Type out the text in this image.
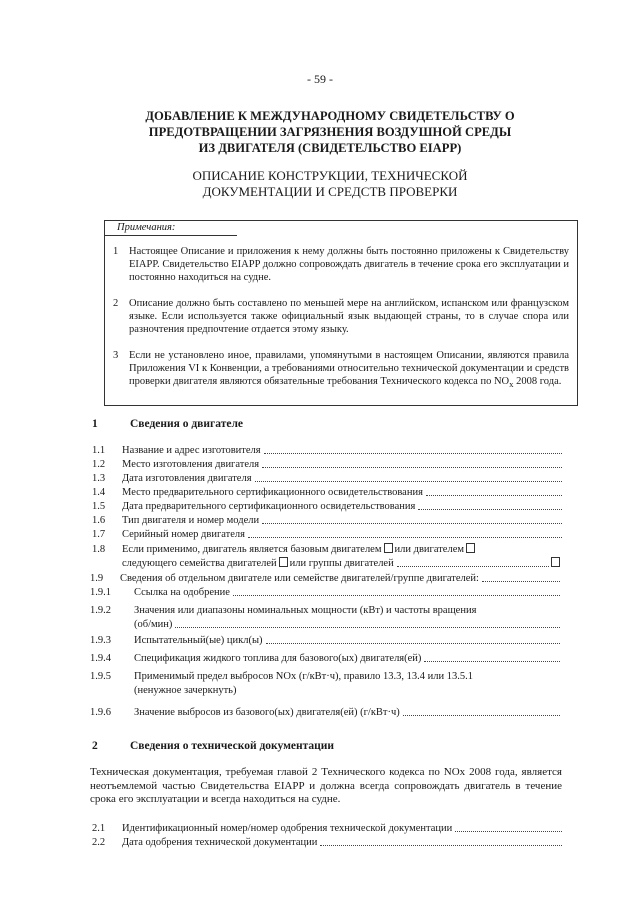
- 59 -
ДОБАВЛЕНИЕ К МЕЖДУНАРОДНОМУ СВИДЕТЕЛЬСТВУ О
ПРЕДОТВРАЩЕНИИ ЗАГРЯЗНЕНИЯ ВОЗДУШНОЙ СРЕДЫ
ИЗ ДВИГАТЕЛЯ (СВИДЕТЕЛЬСТВО EIAPP)
ОПИСАНИЕ КОНСТРУКЦИИ, ТЕХНИЧЕСКОЙ
ДОКУМЕНТАЦИИ И СРЕДСТВ ПРОВЕРКИ
Примечания:
1	Настоящее Описание и приложения к нему должны быть постоянно приложены к Свидетельству EIAPP. Свидетельство EIAPP должно сопровождать двигатель в течение срока его эксплуатации и постоянно находиться на судне.
2	Описание должно быть составлено по меньшей мере на английском, испанском или французском языке. Если используется также официальный язык выдающей страны, то в случае спора или разночтения предпочтение отдается этому языку.
3	Если не установлено иное, правилами, упомянутыми в настоящем Описании, являются правила Приложения VI к Конвенции, а требованиями относительно технической документации и средств проверки двигателя являются обязательные требования Технического кодекса по $NO_x$ 2008 года.
1	Сведения о двигателе
1.1	Название и адрес изготовителя
1.2	Место изготовления двигателя
1.3	Дата изготовления двигателя
1.4	Место предварительного сертификационного освидетельствования
1.5	Дата предварительного сертификационного освидетельствования
1.6	Тип двигателя и номер модели
1.7	Серийный номер двигателя
1.8	Если применимо, двигатель является базовым двигателем или двигателем
следующего семейства двигателей или группы двигателей
1.9	Сведения об отдельном двигателе или семействе двигателей/группе двигателей:
1.9.1	Ссылка на одобрение
1.9.2	Значения или диапазоны номинальных мощности (кВт) и частоты вращения
(об/мин)
1.9.3	Испытательный(ые) цикл(ы)
1.9.4	Спецификация жидкого топлива для базового(ых) двигателя(ей)
1.9.5	Применимый предел выбросов NOx (г/кВт·ч), правило 13.3, 13.4 или 13.5.1
(ненужное зачеркнуть)
1.9.6	Значение выбросов из базового(ых) двигателя(ей) (г/кВт·ч)
2	Сведения о технической документации
Техническая документация, требуемая главой 2 Технического кодекса по NOx 2008 года, является неотъемлемой частью Свидетельства EIAPP и должна всегда сопровождать двигатель в течение срока его эксплуатации и всегда находиться на судне.
2.1	Идентификационный номер/номер одобрения технической документации
2.2	Дата одобрения технической документации
